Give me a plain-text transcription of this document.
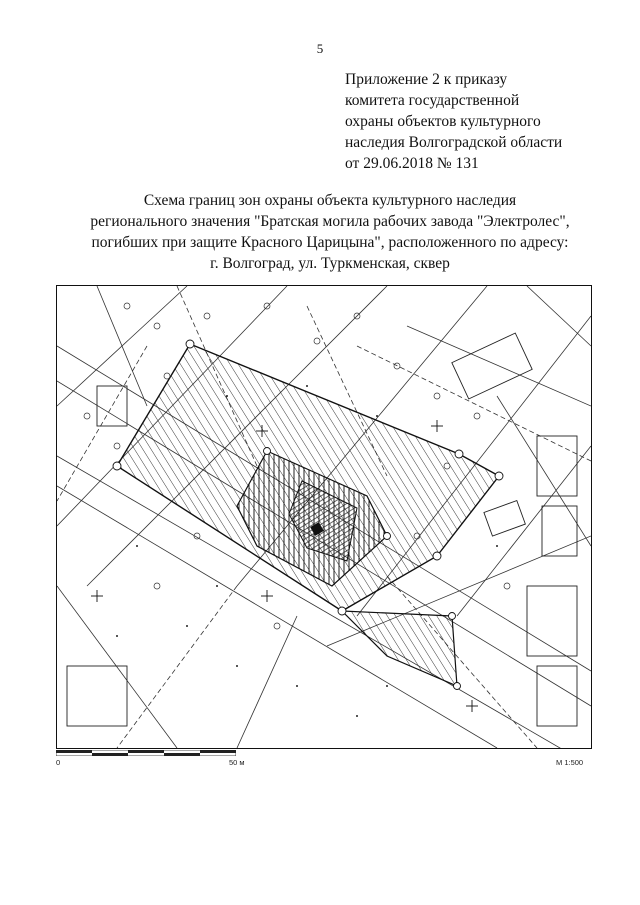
5
Приложение 2 к приказу
комитета государственной
охраны объектов культурного
наследия Волгоградской области
от 29.06.2018 № 131
Схема границ зон охраны объекта культурного наследия
регионального значения "Братская могила рабочих завода "Электролес",
погибших при защите Красного Царицына", расположенного по адресу:
г. Волгоград, ул. Туркменская, сквер
0	50 м	М 1:500
